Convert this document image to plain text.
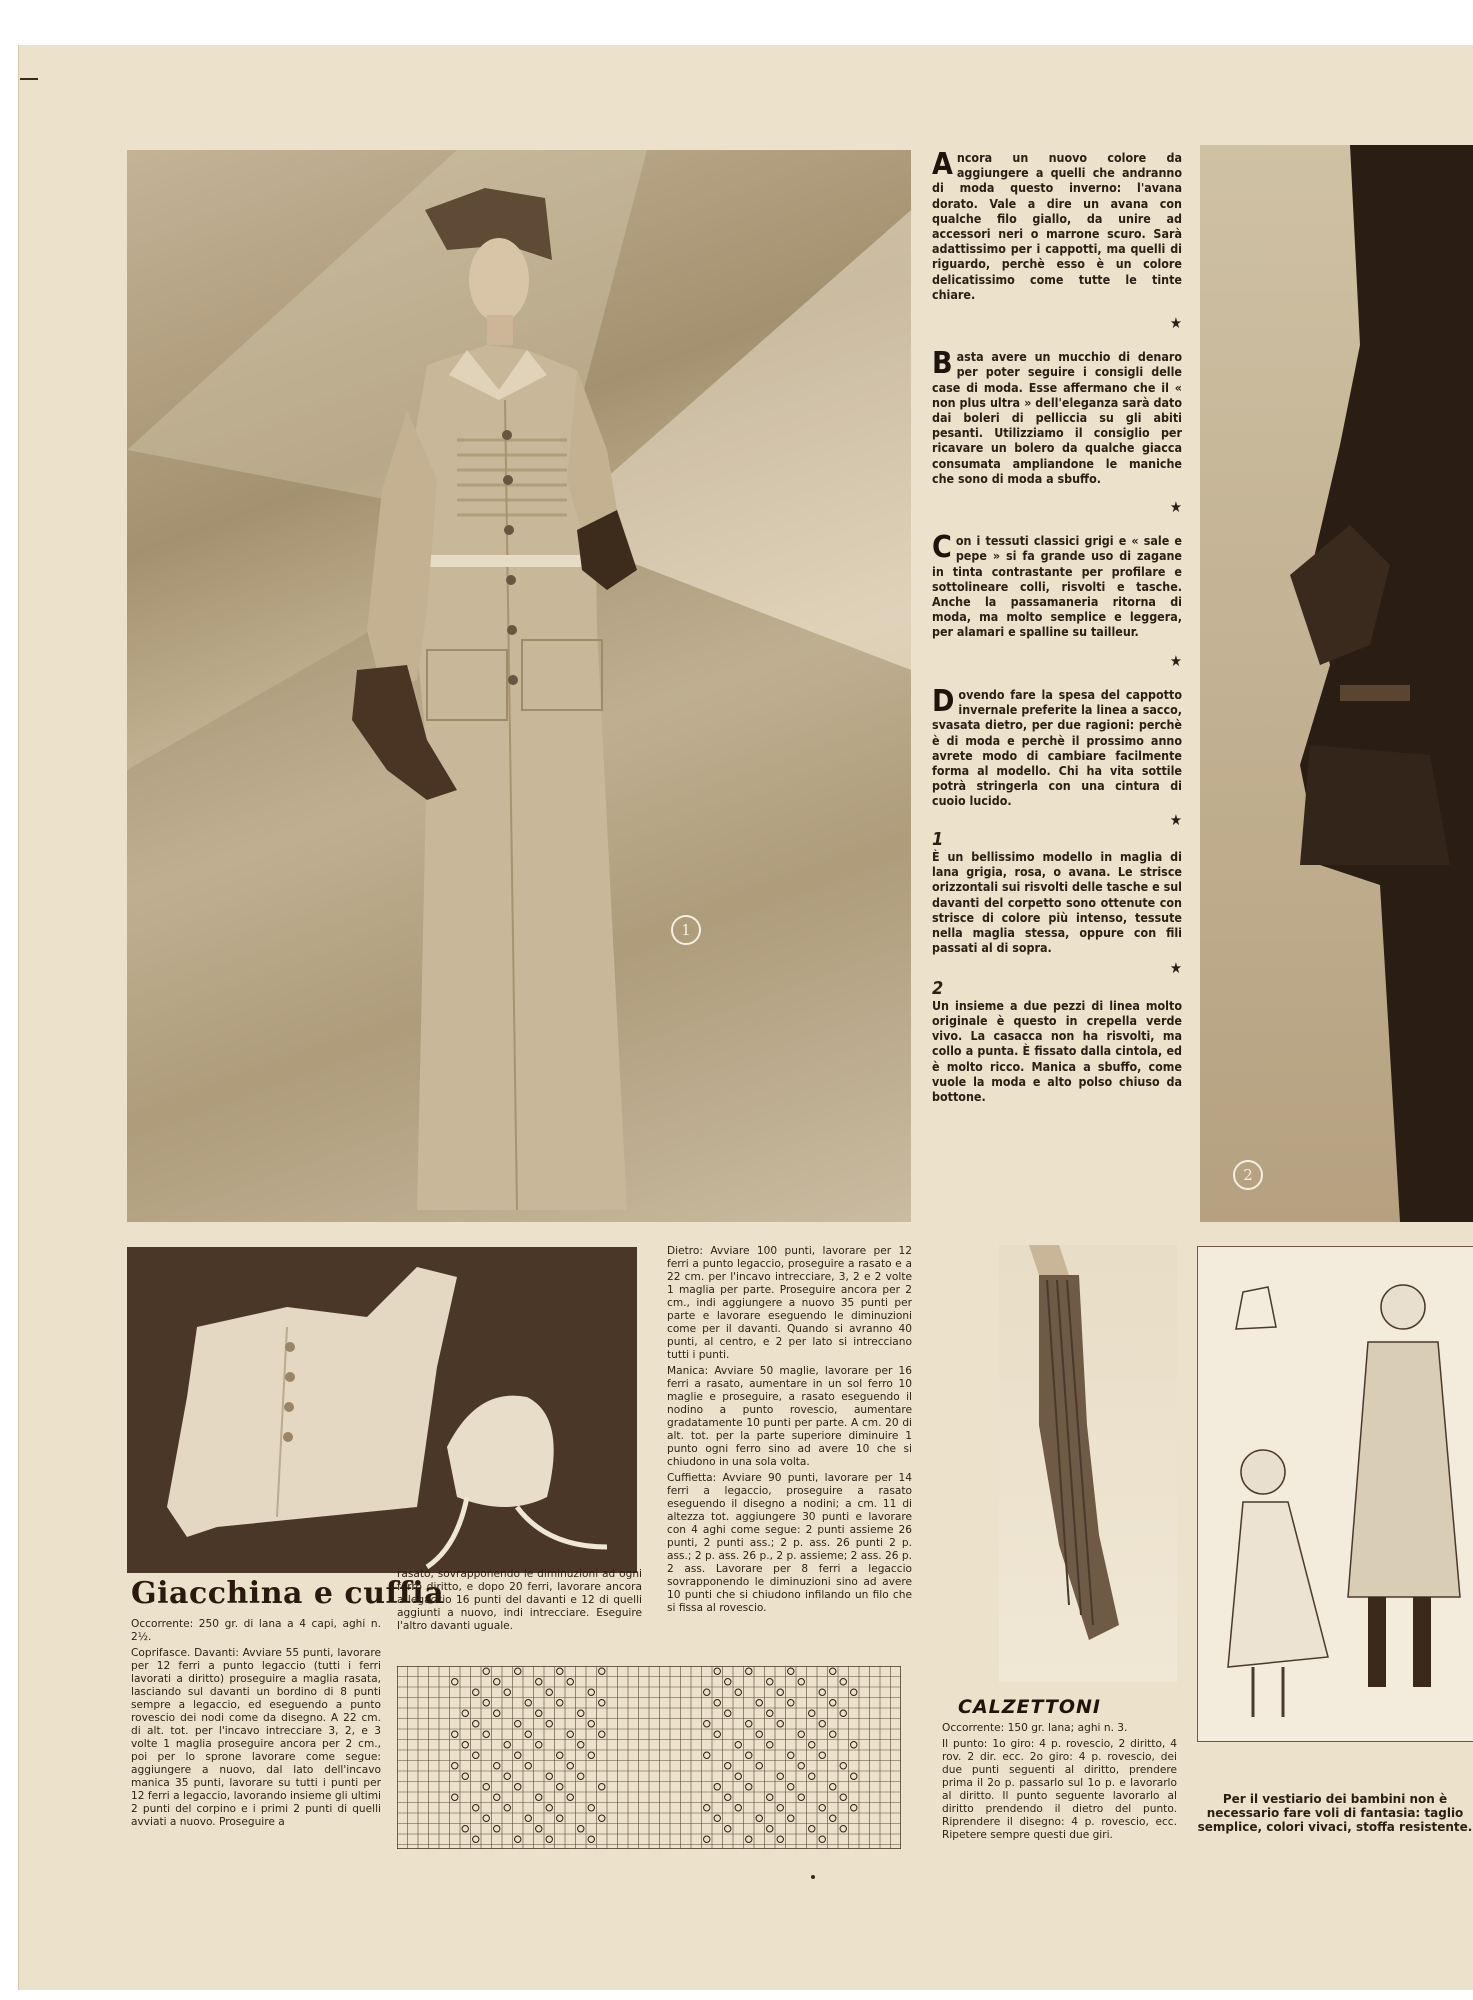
1

Ancora un nuovo colore da aggiungere a quelli che andranno di moda questo inverno: l'avana dorato. Vale a dire un avana con qualche filo giallo, da unire ad accessori neri o marrone scuro. Sarà adattissimo per i cappotti, ma quelli di riguardo, perchè esso è un colore delicatissimo come tutte le tinte chiare.

★

Basta avere un mucchio di denaro per poter seguire i consigli delle case di moda. Esse affermano che il « non plus ultra » dell'eleganza sarà dato dai boleri di pelliccia su gli abiti pesanti. Utilizziamo il consiglio per ricavare un bolero da qualche giacca consumata ampliandone le maniche che sono di moda a sbuffo.

★

Con i tessuti classici grigi e « sale e pepe » si fa grande uso di zagane in tinta contrastante per profilare e sottolineare colli, risvolti e tasche. Anche la passamaneria ritorna di moda, ma molto semplice e leggera, per alamari e spalline su tailleur.

★

Dovendo fare la spesa del cappotto invernale preferite la linea a sacco, svasata dietro, per due ragioni: perchè è di moda e perchè il prossimo anno avrete modo di cambiare facilmente forma al modello. Chi ha vita sottile potrà stringerla con una cintura di cuoio lucido.

★
1

È un bellissimo modello in maglia di lana grigia, rosa, o avana. Le strisce orizzontali sui risvolti delle tasche e sul davanti del corpetto sono ottenute con strisce di colore più intenso, tessute nella maglia stessa, oppure con fili passati al di sopra.

★
2

Un insieme a due pezzi di linea molto originale è questo in crepella verde vivo. La casacca non ha risvolti, ma collo a punta. È fissato dalla cintola, ed è molto ricco. Manica a sbuffo, come vuole la moda e alto polso chiuso da bottone.

2
Giacchina e cuffia

Occorrente: 250 gr. di lana a 4 capi, aghi n. 2½.

Coprifasce. Davanti: Avviare 55 punti, lavorare per 12 ferri a punto legaccio (tutti i ferri lavorati a diritto) proseguire a maglia rasata, lasciando sul davanti un bordino di 8 punti sempre a legaccio, ed eseguendo a punto rovescio dei nodi come da disegno. A 22 cm. di alt. tot. per l'incavo intrecciare 3, 2, e 3 volte 1 maglia proseguire ancora per 2 cm., poi per lo sprone lavorare come segue: aggiungere a nuovo, dal lato dell'incavo manica 35 punti, lavorare su tutti i punti per 12 ferri a legaccio, lavorando insieme gli ultimi 2 punti del corpino e i primi 2 punti di quelli avviati a nuovo. Proseguire a

rasato, sovrapponendo le diminuzioni ad ogni ferro diritto, e dopo 20 ferri, lavorare ancora a legaccio 16 punti del davanti e 12 di quelli aggiunti a nuovo, indi intrecciare. Eseguire l'altro davanti uguale.

Dietro: Avviare 100 punti, lavorare per 12 ferri a punto legaccio, proseguire a rasato e a 22 cm. per l'incavo intrecciare, 3, 2 e 2 volte 1 maglia per parte. Proseguire ancora per 2 cm., indi aggiungere a nuovo 35 punti per parte e lavorare eseguendo le diminuzioni come per il davanti. Quando si avranno 40 punti, al centro, e 2 per lato si intrecciano tutti i punti.

Manica: Avviare 50 maglie, lavorare per 16 ferri a rasato, aumentare in un sol ferro 10 maglie e proseguire, a rasato eseguendo il nodino a punto rovescio, aumentare gradatamente 10 punti per parte. A cm. 20 di alt. tot. per la parte superiore diminuire 1 punto ogni ferro sino ad avere 10 che si chiudono in una sola volta.

Cuffietta: Avviare 90 punti, lavorare per 14 ferri a legaccio, proseguire a rasato eseguendo il disegno a nodini; a cm. 11 di altezza tot. aggiungere 30 punti e lavorare con 4 aghi come segue: 2 punti assieme 26 punti, 2 punti ass.; 2 p. ass. 26 punti 2 p. ass.; 2 p. ass. 26 p., 2 p. assieme; 2 ass. 26 p. 2 ass. Lavorare per 8 ferri a legaccio sovrapponendo le diminuzioni sino ad avere 10 punti che si chiudono infilando un filo che si fissa al rovescio.

CALZETTONI

Occorrente: 150 gr. lana; aghi n. 3.

Il punto: 1o giro: 4 p. rovescio, 2 diritto, 4 rov. 2 dir. ecc. 2o giro: 4 p. rovescio, dei due punti seguenti al diritto, prendere prima il 2o p. passarlo sul 1o p. e lavorarlo al diritto. Il punto seguente lavorarlo al diritto prendendo il dietro del punto. Riprendere il disegno: 4 p. rovescio, ecc. Ripetere sempre questi due giri.

Per il vestiario dei bambini non è necessario fare voli di fantasia: taglio semplice, colori vivaci, stoffa resistente.
